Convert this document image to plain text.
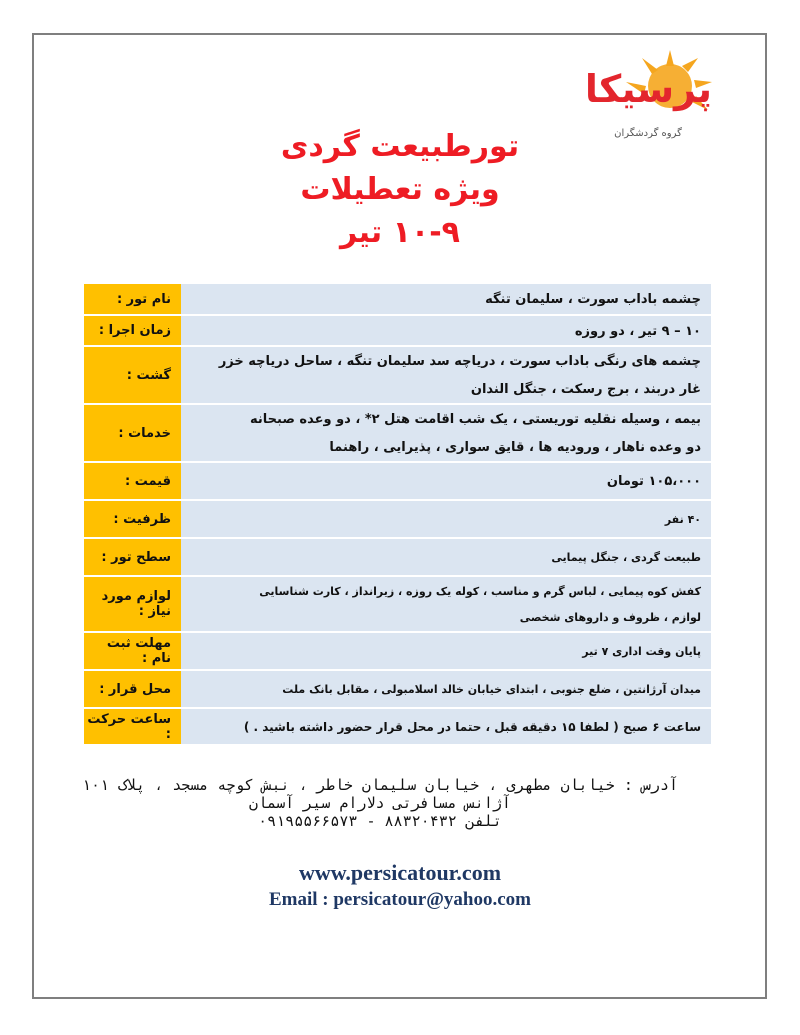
پرسیکا
گروه گردشگران
تورطبیعت گردی
ویژه تعطیلات
۱۰-۹ تیر
نام تور :	چشمه باداب سورت ، سلیمان تنگه
زمان اجرا :	۱۰ – ۹ تیر ، دو روزه
گشت :
چشمه های رنگی باداب سورت ، دریاچه سد سلیمان تنگه ، ساحل دریاچه خزر
غار دربند ، برج رسکت ، جنگل الندان
خدمات :
بیمه ، وسیله نقلیه توریستی ، یک شب اقامت هتل ۲* ، دو وعده صبحانه
دو وعده ناهار ، ورودیه ها ، قایق سواری ، پذیرایی ، راهنما
قیمت :	۱۰۵،۰۰۰ تومان
ظرفیت :	۴۰ نفر
سطح تور :	طبیعت گردی ، جنگل پیمایی
لوازم مورد نیاز :
کفش کوه پیمایی ، لباس گرم و مناسب ، کوله یک روزه ، زیرانداز ، کارت شناسایی
لوازم ، ظروف و داروهای شخصی
مهلت ثبت نام :	پایان وقت اداری ۷ تیر
محل قرار :	میدان آرژانتین ، ضلع جنوبی ، ابتدای خیابان خالد اسلامبولی ، مقابل بانک ملت
ساعت حرکت :	ساعت ۶ صبح ( لطفا ۱۵ دقیقه قبل ، حتما در محل قرار حضور داشته باشید . )
آدرس : خیابان مطهری ، خیابان سلیمان خاطر ، نبش کوچه مسجد ، پلاک ۱۰۱
آژانس مسافرتی دلارام سیر آسمان
تلفن ۸۸۳۲۰۴۳۲ - ۰۹۱۹۵۵۶۶۵۷۳
www.persicatour.com
Email : persicatour@yahoo.com
